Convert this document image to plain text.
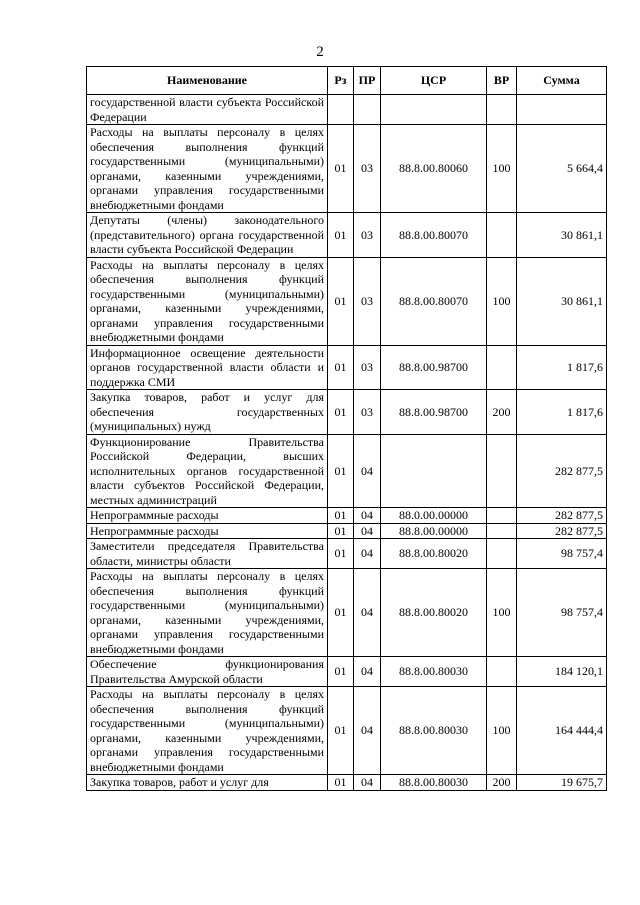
2
Наименование	Рз	ПР	ЦСР	ВР	Сумма
государственной власти субъекта Российской Федерации					
Расходы на выплаты персоналу в целях обеспечения выполнения функций государственными (муниципальными) органами, казенными учреждениями, органами управления государственными внебюджетными фондами	01	03	88.8.00.80060	100	5 664,4
Депутаты (члены) законодательного (представительного) органа государственной власти субъекта Российской Федерации	01	03	88.8.00.80070		30 861,1
Расходы на выплаты персоналу в целях обеспечения выполнения функций государственными (муниципальными) органами, казенными учреждениями, органами управления государственными внебюджетными фондами	01	03	88.8.00.80070	100	30 861,1
Информационное освещение деятельности органов государственной власти области и поддержка СМИ	01	03	88.8.00.98700		1 817,6
Закупка товаров, работ и услуг для обеспечения государственных (муниципальных) нужд	01	03	88.8.00.98700	200	1 817,6
Функционирование Правительства Российской Федерации, высших исполнительных органов государственной власти субъектов Российской Федерации, местных администраций	01	04			282 877,5
Непрограммные расходы	01	04	88.0.00.00000		282 877,5
Непрограммные расходы	01	04	88.8.00.00000		282 877,5
Заместители председателя Правительства области, министры области	01	04	88.8.00.80020		98 757,4
Расходы на выплаты персоналу в целях обеспечения выполнения функций государственными (муниципальными) органами, казенными учреждениями, органами управления государственными внебюджетными фондами	01	04	88.8.00.80020	100	98 757,4
Обеспечение функционирования Правительства Амурской области	01	04	88.8.00.80030		184 120,1
Расходы на выплаты персоналу в целях обеспечения выполнения функций государственными (муниципальными) органами, казенными учреждениями, органами управления государственными внебюджетными фондами	01	04	88.8.00.80030	100	164 444,4
Закупка товаров, работ и услуг для	01	04	88.8.00.80030	200	19 675,7
